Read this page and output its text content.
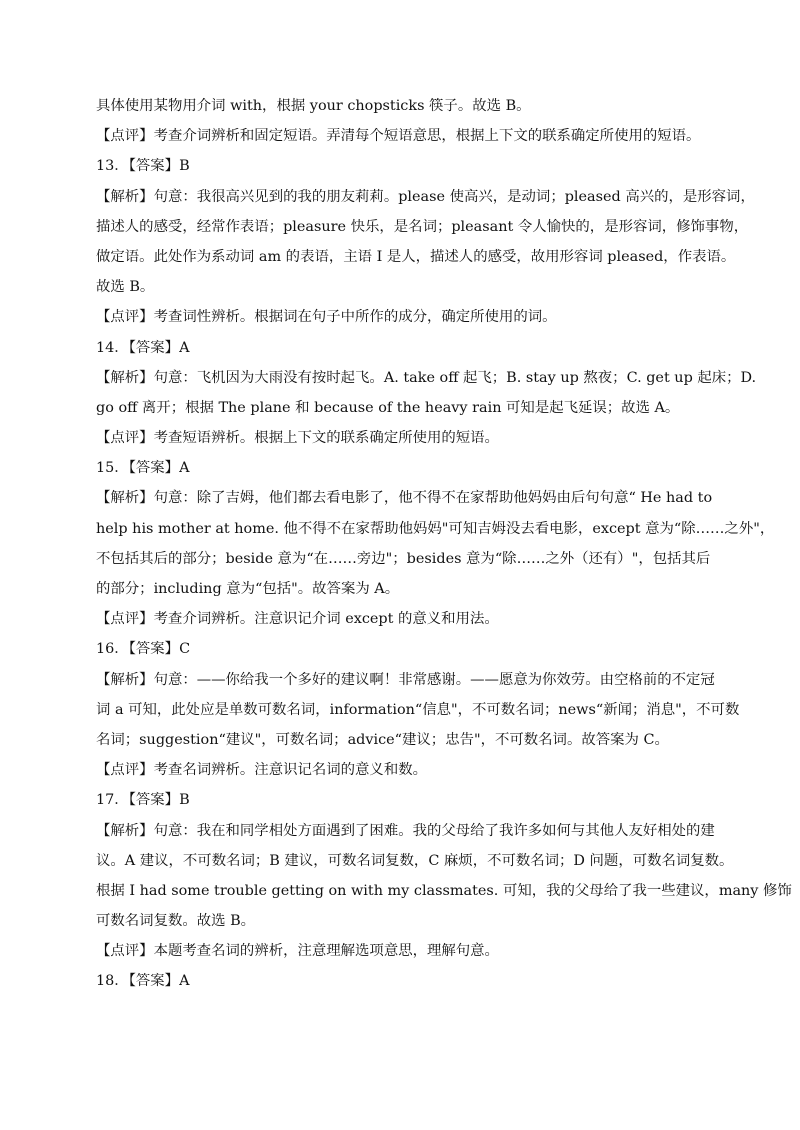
具体使用某物用介词 with，根据 your chopsticks 筷子。故选 B。
【点评】考查介词辨析和固定短语。弄清每个短语意思，根据上下文的联系确定所使用的短语。
13．【答案】B
【解析】句意：我很高兴见到的我的朋友莉莉。please 使高兴，是动词；pleased 高兴的，是形容词，
描述人的感受，经常作表语；pleasure 快乐，是名词；pleasant 令人愉快的，是形容词，修饰事物，
做定语。此处作为系动词 am 的表语，主语 I 是人，描述人的感受，故用形容词 pleased，作表语。
故选 B。
【点评】考查词性辨析。根据词在句子中所作的成分，确定所使用的词。
14．【答案】A
【解析】句意：飞机因为大雨没有按时起飞。A. take off 起飞；B. stay up 熬夜；C. get up 起床；D.
go off 离开；根据 The plane 和 because of the heavy rain 可知是起飞延误；故选 A。
【点评】考查短语辨析。根据上下文的联系确定所使用的短语。
15．【答案】A
【解析】句意：除了吉姆，他们都去看电影了，他不得不在家帮助他妈妈由后句句意“ He had to
help his mother at home. 他不得不在家帮助他妈妈"可知吉姆没去看电影，except 意为“除……之外"，
不包括其后的部分；beside 意为“在……旁边"；besides 意为“除……之外（还有）"，包括其后
的部分；including 意为“包括"。故答案为 A。
【点评】考查介词辨析。注意识记介词 except 的意义和用法。
16．【答案】C
【解析】句意：——你给我一个多好的建议啊！非常感谢。——愿意为你效劳。由空格前的不定冠
词 a 可知，此处应是单数可数名词，information“信息"，不可数名词；news“新闻；消息"，不可数
名词；suggestion“建议"，可数名词；advice“建议；忠告"，不可数名词。故答案为 C。
【点评】考查名词辨析。注意识记名词的意义和数。
17．【答案】B
【解析】句意：我在和同学相处方面遇到了困难。我的父母给了我许多如何与其他人友好相处的建
议。A 建议，不可数名词；B 建议，可数名词复数，C 麻烦，不可数名词；D 问题，可数名词复数。
根据 I had some trouble getting on with my classmates. 可知，我的父母给了我一些建议，many 修饰
可数名词复数。故选 B。
【点评】本题考查名词的辨析，注意理解选项意思，理解句意。
18．【答案】A
